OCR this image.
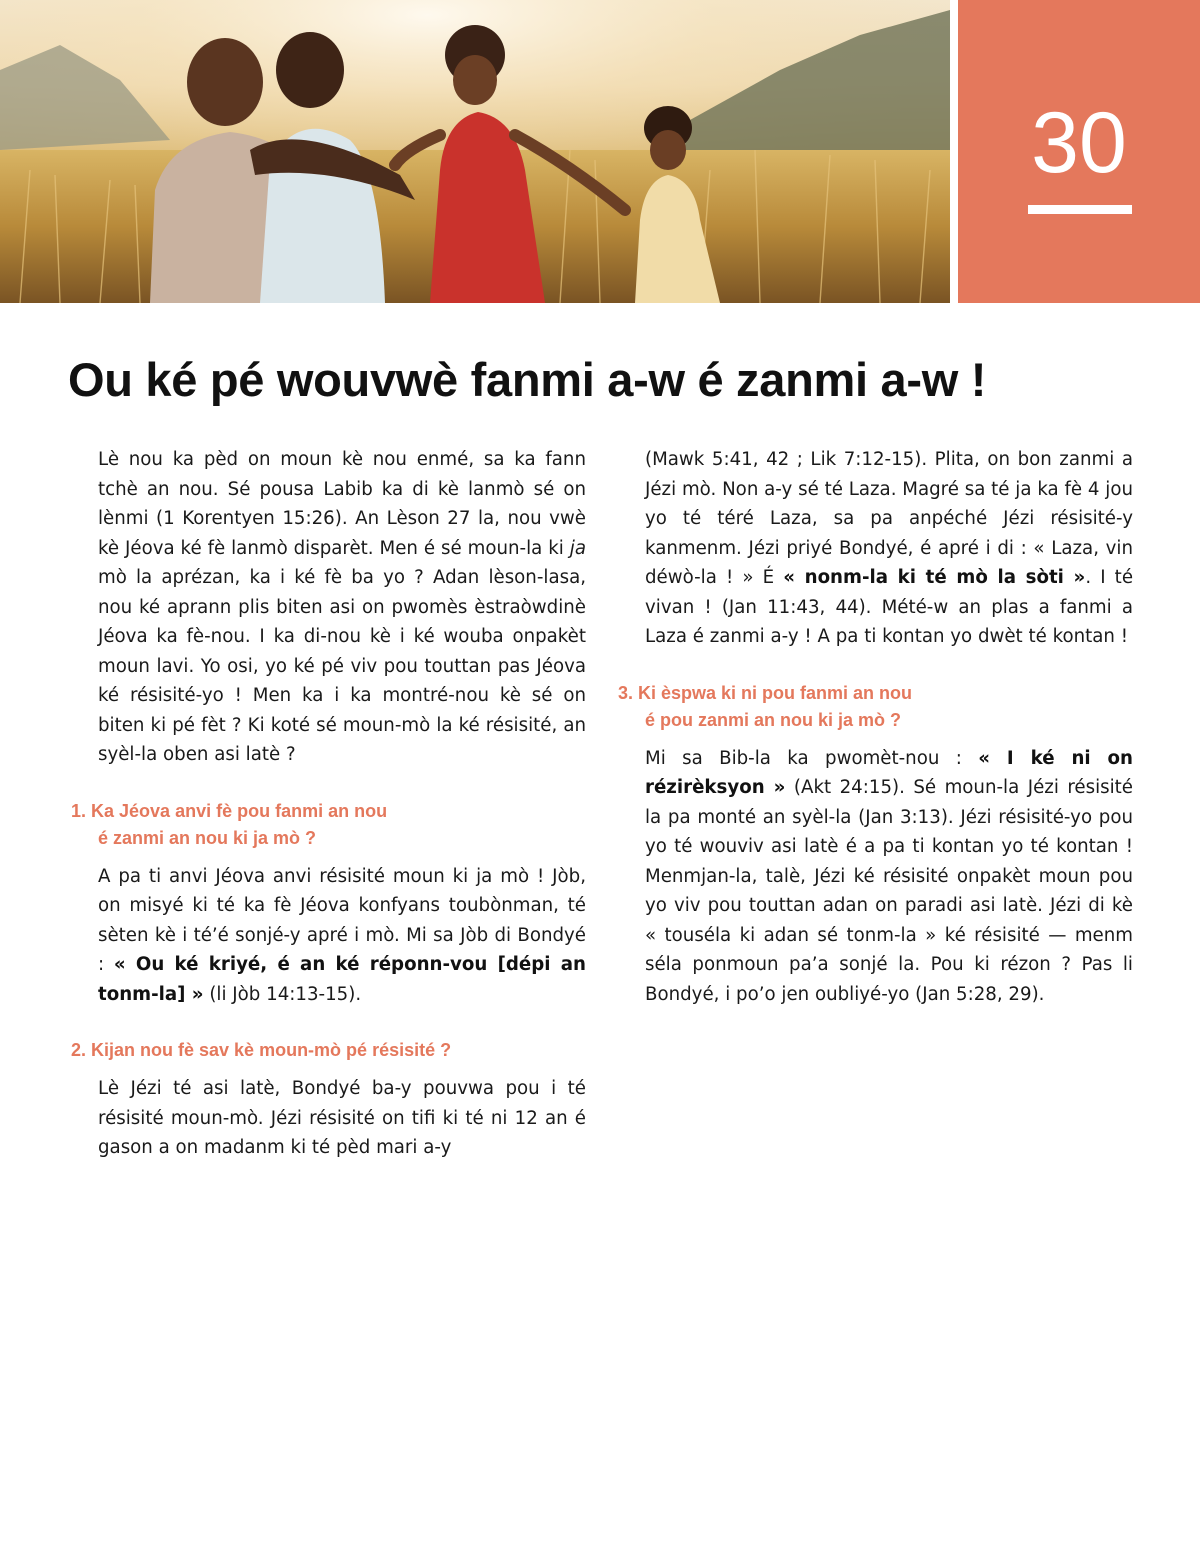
30
Ou ké pé wouvwè fanmi a-w é zanmi a-w !

Lè nou ka pèd on moun kè nou enmé, sa ka fann tchè an nou. Sé pousa Labib ka di kè lanmò sé on lènmi (1 Korentyen 15:26). An Lèson 27 la, nou vwè kè Jéova ké fè lanmò disparèt. Men é sé moun-la ki ja mò la aprézan, ka i ké fè ba yo ? Adan lèson-lasa, nou ké aprann plis biten asi on pwomès èstraòwdinè Jéova ka fè-nou. I ka di-nou kè i ké wouba onpakèt moun lavi. Yo osi, yo ké pé viv pou touttan pas Jéova ké résisité-yo ! Men ka i ka montré-nou kè sé on biten ki pé fèt ? Ki koté sé moun-mò la ké résisité, an syèl-la oben asi latè ?

1. Ka Jéova anvi fè pou fanmi an nou
é zanmi an nou ki ja mò ?

A pa ti anvi Jéova anvi résisité moun ki ja mò ! Jòb, on misyé ki té ka fè Jéova konfyans toubònman, té sèten kè i té’é sonjé-y apré i mò. Mi sa Jòb di Bondyé : « Ou ké kriyé, é an ké réponn-vou [dépi an tonm-la] » (li Jòb 14:13-15).

2. Kijan nou fè sav kè moun-mò pé résisité ?

Lè Jézi té asi latè, Bondyé ba-y pouvwa pou i té résisité moun-mò. Jézi résisité on tifi ki té ni 12 an é gason a on madanm ki té pèd mari a-y

(Mawk 5:41, 42 ; Lik 7:12-15). Plita, on bon zanmi a Jézi mò. Non a-y sé té Laza. Magré sa té ja ka fè 4 jou yo té téré Laza, sa pa anpéché Jézi résisité-y kanmenm. Jézi priyé Bondyé, é apré i di : « Laza, vin déwò-la ! » É « nonm-la ki té mò la sòti ». I té vivan ! (Jan 11:43, 44). Mété-w an plas a fanmi a Laza é zanmi a-y ! A pa ti kontan yo dwèt té kontan !

3. Ki èspwa ki ni pou fanmi an nou
é pou zanmi an nou ki ja mò ?

Mi sa Bib-la ka pwomèt-nou : « I ké ni on rézirèksyon » (Akt 24:15). Sé moun-la Jézi résisité la pa monté an syèl-la (Jan 3:13). Jézi résisité-yo pou yo té wouviv asi latè é a pa ti kontan yo té kontan ! Menmjan-la, talè, Jézi ké résisité onpakèt moun pou yo viv pou touttan adan on paradi asi latè. Jézi di kè « touséla ki adan sé tonm-la » ké résisité — menm séla ponmoun pa’a sonjé la. Pou ki rézon ? Pas li Bondyé, i po’o jen oubliyé-yo (Jan 5:28, 29).
